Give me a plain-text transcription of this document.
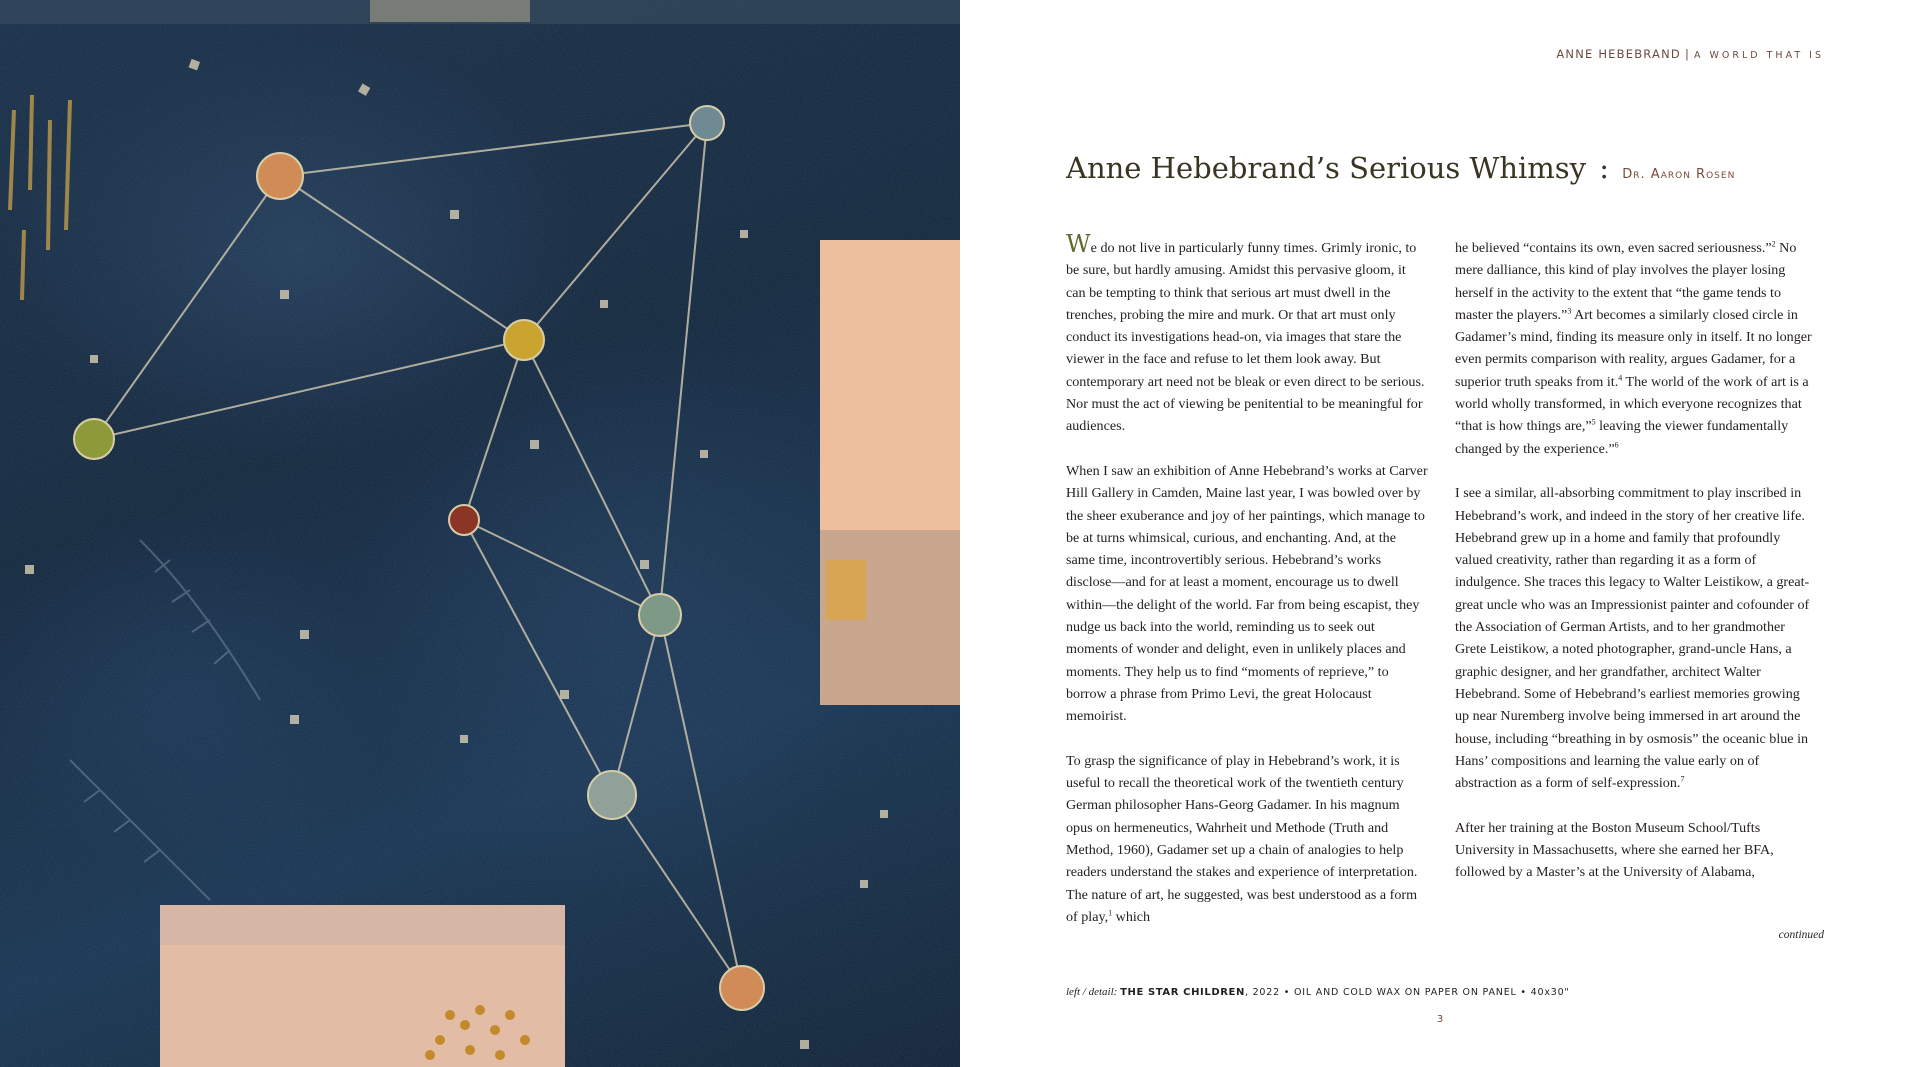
ANNE HEBEBRAND | A WORLD THAT IS
Anne Hebebrand’s Serious Whimsy : Dr. Aaron Rosen

We do not live in particularly funny times. Grimly ironic, to be sure, but hardly amusing. Amidst this pervasive gloom, it can be tempting to think that serious art must dwell in the trenches, probing the mire and murk. Or that art must only conduct its investigations head-on, via images that stare the viewer in the face and refuse to let them look away. But contemporary art need not be bleak or even direct to be serious. Nor must the act of viewing be penitential to be meaningful for audiences.

When I saw an exhibition of Anne Hebebrand’s works at Carver Hill Gallery in Camden, Maine last year, I was bowled over by the sheer exuberance and joy of her paintings, which manage to be at turns whimsical, curious, and enchanting. And, at the same time, incontrovertibly serious. Hebebrand’s works disclose—and for at least a moment, encourage us to dwell within—the delight of the world. Far from being escapist, they nudge us back into the world, reminding us to seek out moments of wonder and delight, even in unlikely places and moments. They help us to find “moments of reprieve,” to borrow a phrase from Primo Levi, the great Holocaust memoirist.

To grasp the significance of play in Hebebrand’s work, it is useful to recall the theoretical work of the twentieth century German philosopher Hans-Georg Gadamer. In his magnum opus on hermeneutics, Wahrheit und Methode (Truth and Method, 1960), Gadamer set up a chain of analogies to help readers understand the stakes and experience of interpretation. The nature of art, he suggested, was best understood as a form of play,$^1$ which

he believed “contains its own, even sacred seriousness.”$^2$ No mere dalliance, this kind of play involves the player losing herself in the activity to the extent that “the game tends to master the players.”$^3$ Art becomes a similarly closed circle in Gadamer’s mind, finding its measure only in itself. It no longer even permits comparison with reality, argues Gadamer, for a superior truth speaks from it.$^4$ The world of the work of art is a world wholly transformed, in which everyone recognizes that “that is how things are,”$^5$ leaving the viewer fundamentally changed by the experience.”$^6$

I see a similar, all-absorbing commitment to play inscribed in Hebebrand’s work, and indeed in the story of her creative life. Hebebrand grew up in a home and family that profoundly valued creativity, rather than regarding it as a form of indulgence. She traces this legacy to Walter Leistikow, a great-great uncle who was an Impressionist painter and cofounder of the Association of German Artists, and to her grandmother Grete Leistikow, a noted photographer, grand-uncle Hans, a graphic designer, and her grandfather, architect Walter Hebebrand. Some of Hebebrand’s earliest memories growing up near Nuremberg involve being immersed in art around the house, including “breathing in by osmosis” the oceanic blue in Hans’ compositions and learning the value early on of abstraction as a form of self-expression.$^7$

After her training at the Boston Museum School/Tufts University in Massachusetts, where she earned her BFA, followed by a Master’s at the University of Alabama,

continued
left / detail: THE STAR CHILDREN, 2022 • OIL AND COLD WAX ON PAPER ON PANEL • 40x30"
3
